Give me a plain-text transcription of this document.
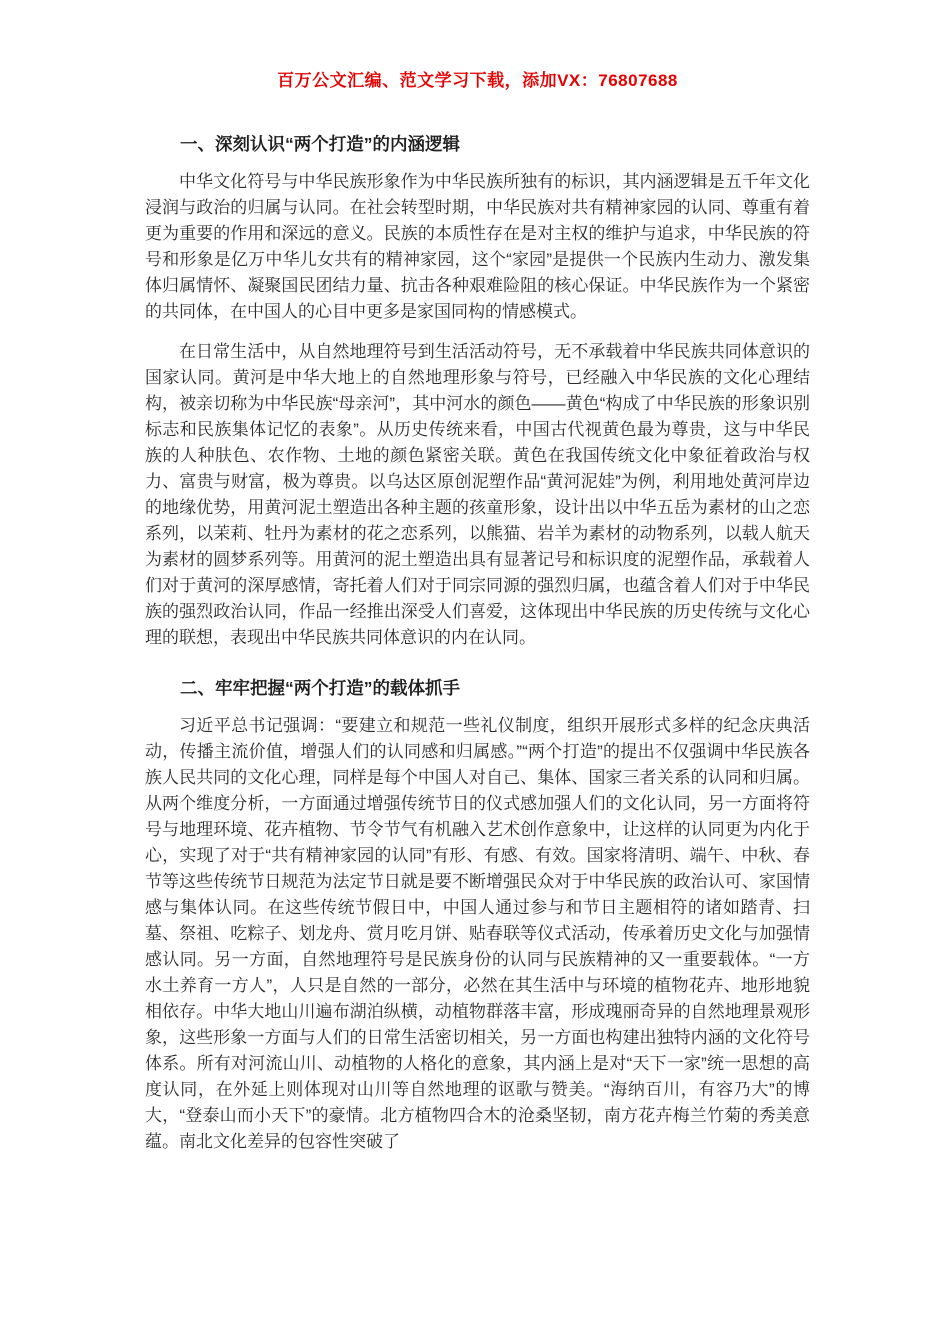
百万公文汇编、范文学习下载，添加VX：76807688
一、深刻认识“两个打造”的内涵逻辑

中华文化符号与中华民族形象作为中华民族所独有的标识，其内涵逻辑是五千年文化浸润与政治的归属与认同。在社会转型时期，中华民族对共有精神家园的认同、尊重有着更为重要的作用和深远的意义。民族的本质性存在是对主权的维护与追求，中华民族的符号和形象是亿万中华儿女共有的精神家园，这个“家园”是提供一个民族内生动力、激发集体归属情怀、凝聚国民团结力量、抗击各种艰难险阻的核心保证。中华民族作为一个紧密的共同体，在中国人的心目中更多是家国同构的情感模式。

在日常生活中，从自然地理符号到生活活动符号，无不承载着中华民族共同体意识的国家认同。黄河是中华大地上的自然地理形象与符号，已经融入中华民族的文化心理结构，被亲切称为中华民族“母亲河”，其中河水的颜色——黄色“构成了中华民族的形象识别标志和民族集体记忆的表象”。从历史传统来看，中国古代视黄色最为尊贵，这与中华民族的人种肤色、农作物、土地的颜色紧密关联。黄色在我国传统文化中象征着政治与权力、富贵与财富，极为尊贵。以乌达区原创泥塑作品“黄河泥娃”为例，利用地处黄河岸边的地缘优势，用黄河泥土塑造出各种主题的孩童形象，设计出以中华五岳为素材的山之恋系列，以茉莉、牡丹为素材的花之恋系列，以熊猫、岩羊为素材的动物系列，以载人航天为素材的圆梦系列等。用黄河的泥土塑造出具有显著记号和标识度的泥塑作品，承载着人们对于黄河的深厚感情，寄托着人们对于同宗同源的强烈归属，也蕴含着人们对于中华民族的强烈政治认同，作品一经推出深受人们喜爱，这体现出中华民族的历史传统与文化心理的联想，表现出中华民族共同体意识的内在认同。

二、牢牢把握“两个打造”的载体抓手

习近平总书记强调：“要建立和规范一些礼仪制度，组织开展形式多样的纪念庆典活动，传播主流价值，增强人们的认同感和归属感。”“两个打造”的提出不仅强调中华民族各族人民共同的文化心理，同样是每个中国人对自己、集体、国家三者关系的认同和归属。从两个维度分析，一方面通过增强传统节日的仪式感加强人们的文化认同，另一方面将符号与地理环境、花卉植物、节令节气有机融入艺术创作意象中，让这样的认同更为内化于心，实现了对于“共有精神家园的认同”有形、有感、有效。国家将清明、端午、中秋、春节等这些传统节日规范为法定节日就是要不断增强民众对于中华民族的政治认可、家国情感与集体认同。在这些传统节假日中，中国人通过参与和节日主题相符的诸如踏青、扫墓、祭祖、吃粽子、划龙舟、赏月吃月饼、贴春联等仪式活动，传承着历史文化与加强情感认同。另一方面，自然地理符号是民族身份的认同与民族精神的又一重要载体。“一方水土养育一方人”，人只是自然的一部分，必然在其生活中与环境的植物花卉、地形地貌相依存。中华大地山川遍布湖泊纵横，动植物群落丰富，形成瑰丽奇异的自然地理景观形象，这些形象一方面与人们的日常生活密切相关，另一方面也构建出独特内涵的文化符号体系。所有对河流山川、动植物的人格化的意象，其内涵上是对“天下一家”统一思想的高度认同，在外延上则体现对山川等自然地理的讴歌与赞美。“海纳百川，有容乃大”的博大，“登泰山而小天下”的豪情。北方植物四合木的沧桑坚韧，南方花卉梅兰竹菊的秀美意蕴。南北文化差异的包容性突破了
